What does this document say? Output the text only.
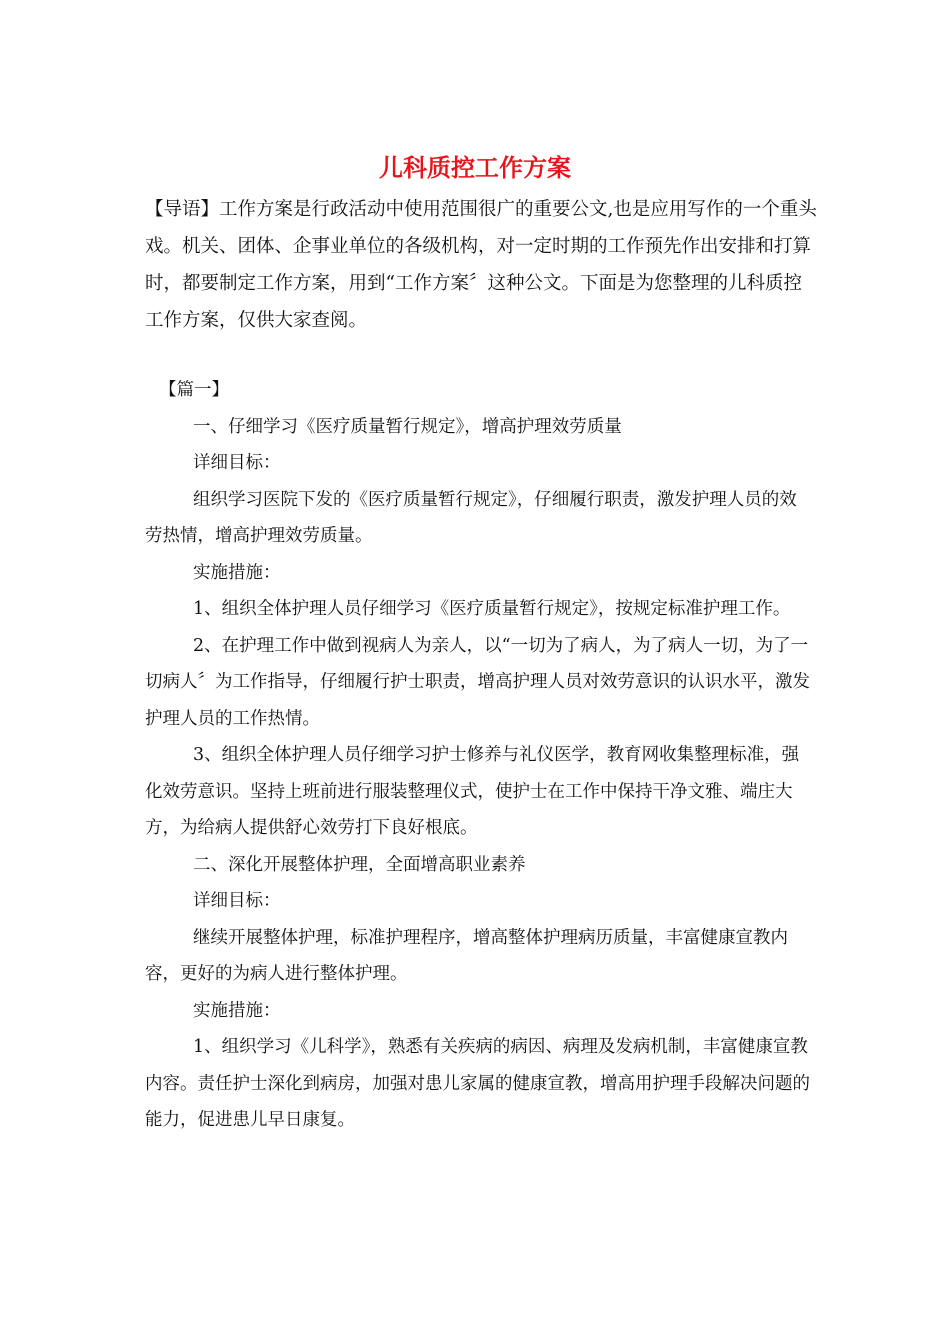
儿科质控工作方案

【导语】工作方案是行政活动中使用范围很广的重要公文,也是应用写作的一个重头戏。机关、团体、企事业单位的各级机构，对一定时期的工作预先作出安排和打算时，都要制定工作方案，用到“工作方案〞这种公文。下面是为您整理的儿科质控工作方案，仅供大家查阅。

【篇一】

一、仔细学习《医疗质量暂行规定》，增高护理效劳质量

详细目标：

组织学习医院下发的《医疗质量暂行规定》，仔细履行职责，激发护理人员的效劳热情，增高护理效劳质量。

实施措施：

1、组织全体护理人员仔细学习《医疗质量暂行规定》，按规定标准护理工作。

2、在护理工作中做到视病人为亲人，以“一切为了病人，为了病人一切，为了一切病人〞为工作指导，仔细履行护士职责，增高护理人员对效劳意识的认识水平，激发护理人员的工作热情。

3、组织全体护理人员仔细学习护士修养与礼仪医学，教育网收集整理标准，强化效劳意识。坚持上班前进行服装整理仪式，使护士在工作中保持干净文雅、端庄大方，为给病人提供舒心效劳打下良好根底。

二、深化开展整体护理，全面增高职业素养

详细目标：

继续开展整体护理，标准护理程序，增高整体护理病历质量，丰富健康宣教内容，更好的为病人进行整体护理。

实施措施：

1、组织学习《儿科学》，熟悉有关疾病的病因、病理及发病机制，丰富健康宣教内容。责任护士深化到病房，加强对患儿家属的健康宣教，增高用护理手段解决问题的能力，促进患儿早日康复。
